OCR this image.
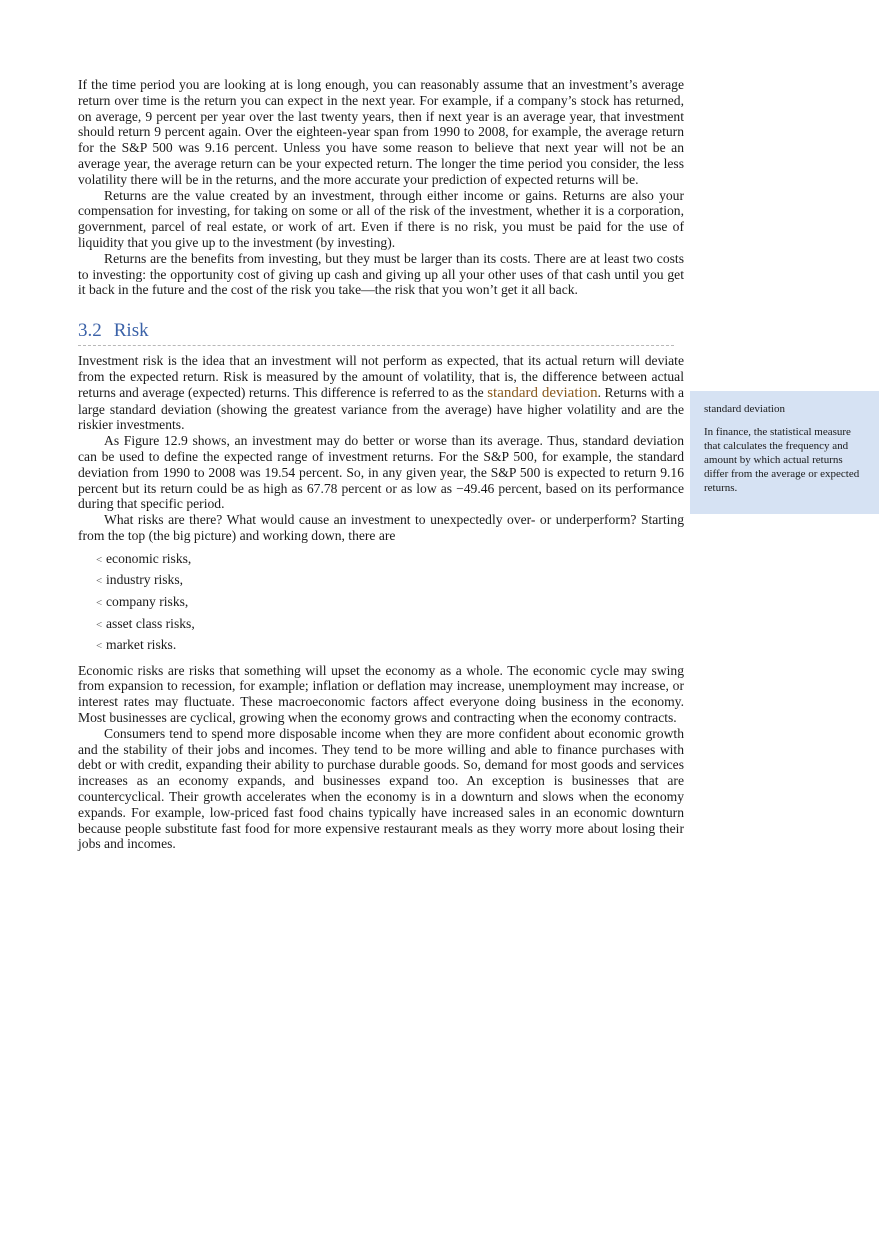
If the time period you are looking at is long enough, you can reasonably assume that an investment’s average return over time is the return you can expect in the next year. For example, if a company’s stock has returned, on average, 9 percent per year over the last twenty years, then if next year is an average year, that investment should return 9 percent again. Over the eighteen-year span from 1990 to 2008, for example, the average return for the S&P 500 was 9.16 percent. Unless you have some reason to believe that next year will not be an average year, the average return can be your expected return. The longer the time period you consider, the less volatility there will be in the returns, and the more accurate your prediction of expected returns will be.

Returns are the value created by an investment, through either income or gains. Returns are also your compensation for investing, for taking on some or all of the risk of the investment, whether it is a corporation, government, parcel of real estate, or work of art. Even if there is no risk, you must be paid for the use of liquidity that you give up to the investment (by investing).

Returns are the benefits from investing, but they must be larger than its costs. There are at least two costs to investing: the opportunity cost of giving up cash and giving up all your other uses of that cash until you get it back in the future and the cost of the risk you take—the risk that you won’t get it all back.

3.2 Risk

Investment risk is the idea that an investment will not perform as expected, that its actual return will deviate from the expected return. Risk is measured by the amount of volatility, that is, the difference between actual returns and average (expected) returns. This difference is referred to as the standard deviation. Returns with a large standard deviation (showing the greatest variance from the average) have higher volatility and are the riskier investments.

As Figure 12.9 shows, an investment may do better or worse than its average. Thus, standard deviation can be used to define the expected range of investment returns. For the S&P 500, for example, the standard deviation from 1990 to 2008 was 19.54 percent. So, in any given year, the S&P 500 is expected to return 9.16 percent but its return could be as high as 67.78 percent or as low as −49.46 percent, based on its performance during that specific period.

What risks are there? What would cause an investment to unexpectedly over- or underperform? Starting from the top (the big picture) and working down, there are

< economic risks,
< industry risks,
< company risks,
< asset class risks,
< market risks.

Economic risks are risks that something will upset the economy as a whole. The economic cycle may swing from expansion to recession, for example; inflation or deflation may increase, unemployment may increase, or interest rates may fluctuate. These macroeconomic factors affect everyone doing business in the economy. Most businesses are cyclical, growing when the economy grows and contracting when the economy contracts.

Consumers tend to spend more disposable income when they are more confident about economic growth and the stability of their jobs and incomes. They tend to be more willing and able to finance purchases with debt or with credit, expanding their ability to purchase durable goods. So, demand for most goods and services increases as an economy expands, and businesses expand too. An exception is businesses that are countercyclical. Their growth accelerates when the economy is in a downturn and slows when the economy expands. For example, low-priced fast food chains typically have increased sales in an economic downturn because people substitute fast food for more expensive restaurant meals as they worry more about losing their jobs and incomes.

standard deviation

In finance, the statistical measure that calculates the frequency and amount by which actual returns differ from the average or expected returns.
